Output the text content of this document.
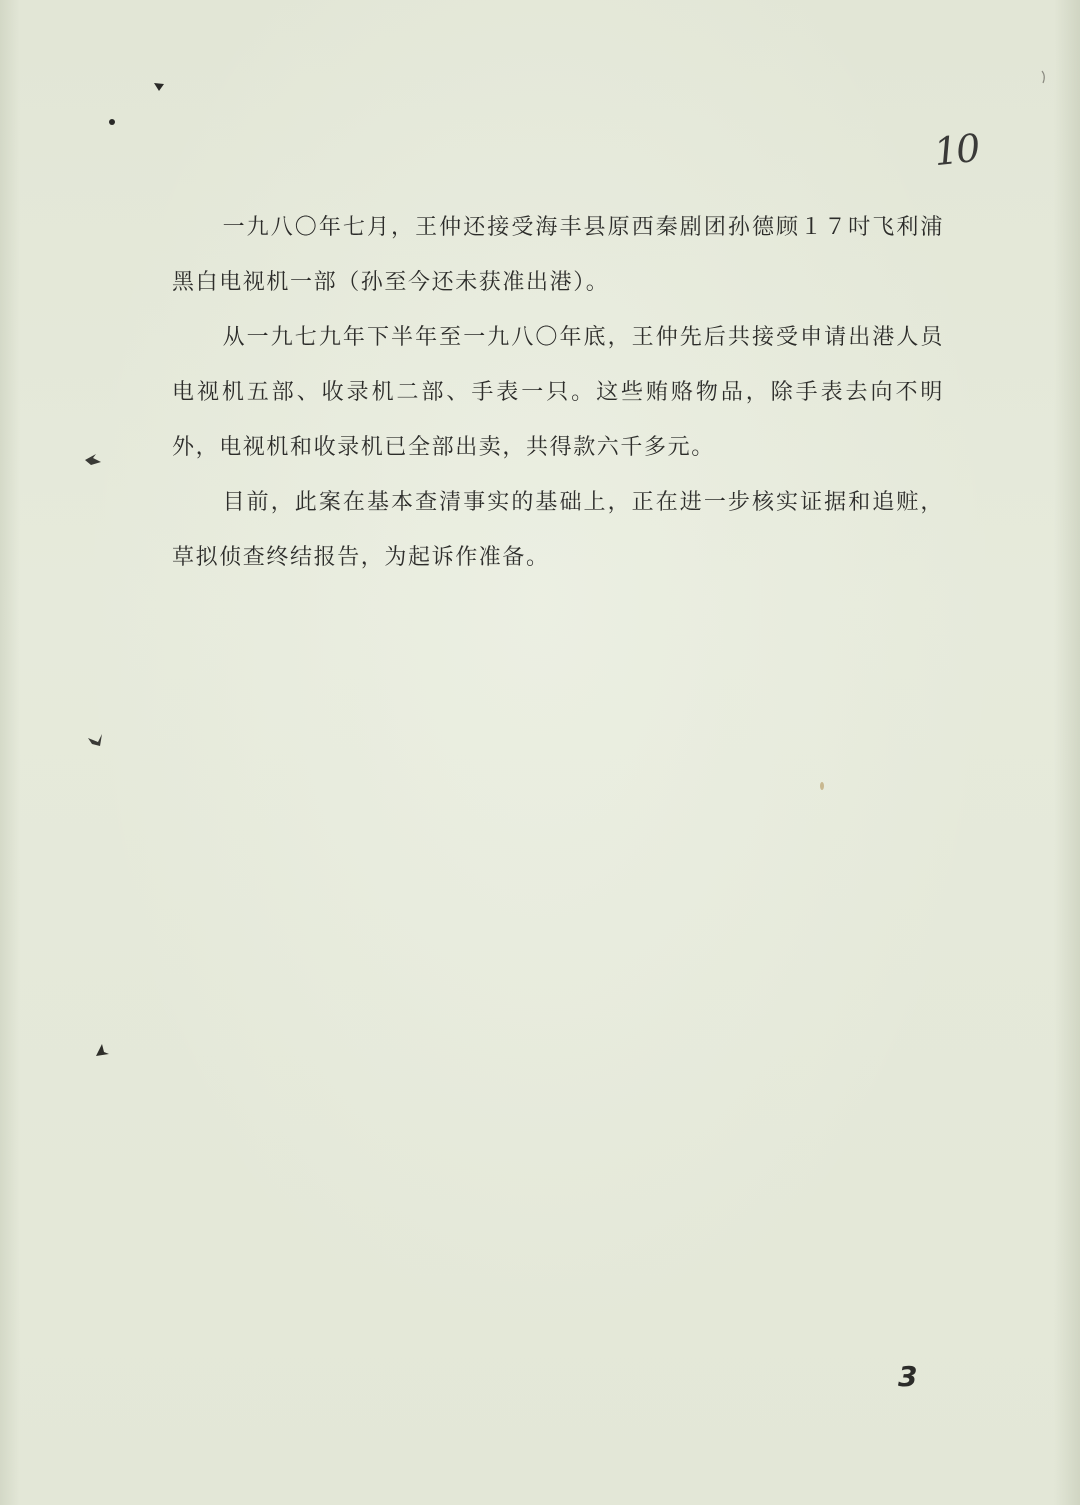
10

一九八〇年七月，王仲还接受海丰县原西秦剧团孙德顾１７吋飞利浦黑白电视机一部（孙至今还未获准出港）。

从一九七九年下半年至一九八〇年底，王仲先后共接受申请出港人员电视机五部、收录机二部、手表一只。这些贿赂物品，除手表去向不明外，电视机和收录机已全部出卖，共得款六千多元。

目前，此案在基本查清事实的基础上，正在进一步核实证据和追赃，草拟侦查终结报告，为起诉作准备。

3
